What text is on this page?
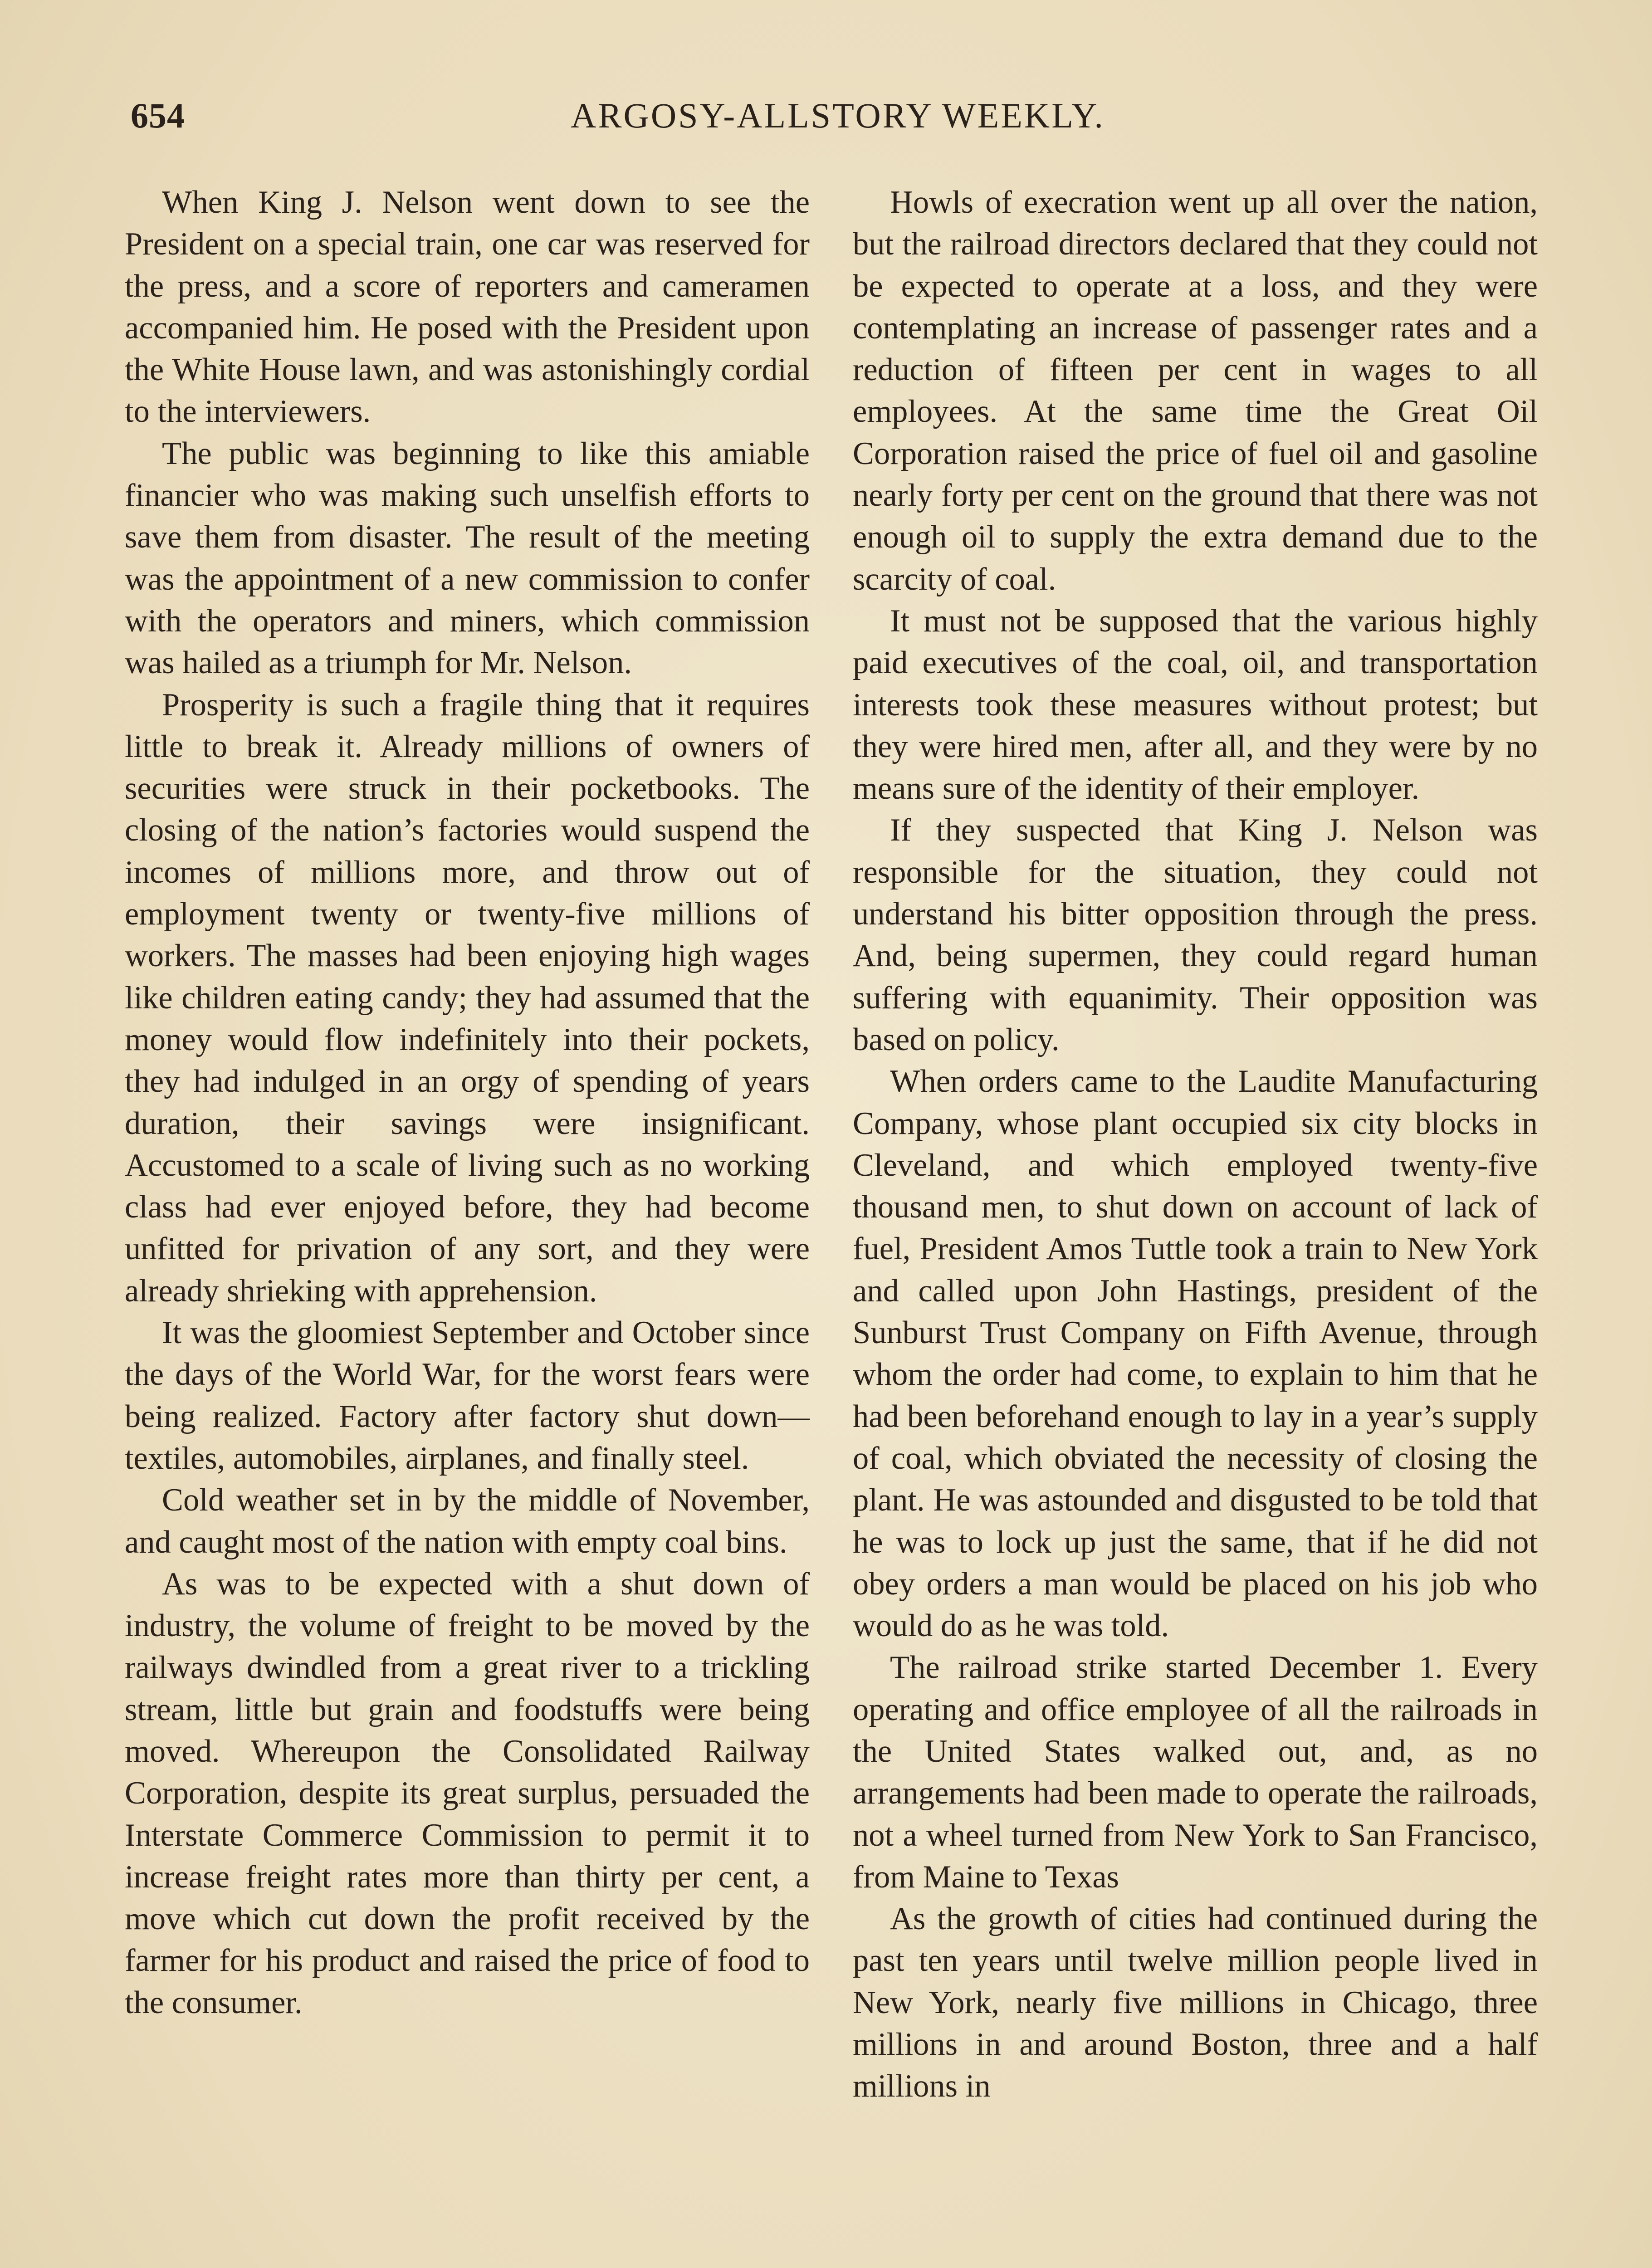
654	ARGOSY-ALLSTORY WEEKLY.

When King J. Nelson went down to see the President on a special train, one car was reserved for the press, and a score of reporters and cameramen accompanied him. He posed with the President upon the White House lawn, and was astonishingly cordial to the interviewers.

The public was beginning to like this amiable financier who was making such unselfish efforts to save them from disaster. The result of the meeting was the appointment of a new commission to confer with the operators and miners, which commission was hailed as a triumph for Mr. Nelson.

Prosperity is such a fragile thing that it requires little to break it. Already millions of owners of securities were struck in their pocketbooks. The closing of the nation’s factories would suspend the incomes of millions more, and throw out of employment twenty or twenty-five millions of workers. The masses had been enjoying high wages like children eating candy; they had assumed that the money would flow indefinitely into their pockets, they had indulged in an orgy of spending of years duration, their savings were insignificant. Accustomed to a scale of living such as no working class had ever enjoyed before, they had become unfitted for privation of any sort, and they were already shrieking with apprehension.

It was the gloomiest September and October since the days of the World War, for the worst fears were being realized. Factory after factory shut down—textiles, automobiles, airplanes, and finally steel.

Cold weather set in by the middle of November, and caught most of the nation with empty coal bins.

As was to be expected with a shut down of industry, the volume of freight to be moved by the railways dwindled from a great river to a trickling stream, little but grain and foodstuffs were being moved. Whereupon the Consolidated Railway Corporation, despite its great surplus, persuaded the Interstate Commerce Commission to permit it to increase freight rates more than thirty per cent, a move which cut down the profit received by the farmer for his product and raised the price of food to the consumer.

Howls of execration went up all over the nation, but the railroad directors declared that they could not be expected to operate at a loss, and they were contemplating an increase of passenger rates and a reduction of fifteen per cent in wages to all employees. At the same time the Great Oil Corporation raised the price of fuel oil and gasoline nearly forty per cent on the ground that there was not enough oil to supply the extra demand due to the scarcity of coal.

It must not be supposed that the various highly paid executives of the coal, oil, and transportation interests took these measures without protest; but they were hired men, after all, and they were by no means sure of the identity of their employer.

If they suspected that King J. Nelson was responsible for the situation, they could not understand his bitter opposition through the press. And, being supermen, they could regard human suffering with equanimity. Their opposition was based on policy.

When orders came to the Laudite Manufacturing Company, whose plant occupied six city blocks in Cleveland, and which employed twenty-five thousand men, to shut down on account of lack of fuel, President Amos Tuttle took a train to New York and called upon John Hastings, president of the Sunburst Trust Company on Fifth Avenue, through whom the order had come, to explain to him that he had been beforehand enough to lay in a year’s supply of coal, which obviated the necessity of closing the plant. He was astounded and disgusted to be told that he was to lock up just the same, that if he did not obey orders a man would be placed on his job who would do as he was told.

The railroad strike started December 1. Every operating and office employee of all the railroads in the United States walked out, and, as no arrangements had been made to operate the railroads, not a wheel turned from New York to San Francisco, from Maine to Texas

As the growth of cities had continued during the past ten years until twelve million people lived in New York, nearly five millions in Chicago, three millions in and around Boston, three and a half millions in
